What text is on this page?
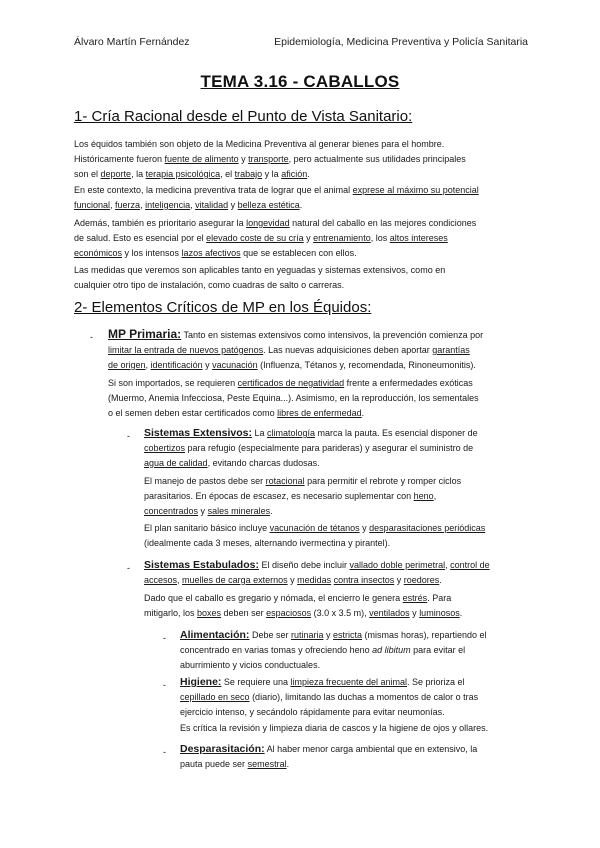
Álvaro Martín Fernández	Epidemiología, Medicina Preventiva y Policía Sanitaria
TEMA 3.16 - CABALLOS
1- Cría Racional desde el Punto de Vista Sanitario:
Los équidos también son objeto de la Medicina Preventiva al generar bienes para el hombre.
Históricamente fueron fuente de alimento y transporte, pero actualmente sus utilidades principales
son el deporte, la terapia psicológica, el trabajo y la afición.
En este contexto, la medicina preventiva trata de lograr que el animal exprese al máximo su potencial
funcional, fuerza, inteligencia, vitalidad y belleza estética.
Además, también es prioritario asegurar la longevidad natural del caballo en las mejores condiciones
de salud. Esto es esencial por el elevado coste de su cría y entrenamiento, los altos intereses
económicos y los intensos lazos afectivos que se establecen con ellos.
Las medidas que veremos son aplicables tanto en yeguadas y sistemas extensivos, como en
cualquier otro tipo de instalación, como cuadras de salto o carreras.
2- Elementos Críticos de MP en los Équidos:
- MP Primaria: Tanto en sistemas extensivos como intensivos, la prevención comienza por
limitar la entrada de nuevos patógenos. Las nuevas adquisiciones deben aportar garantías
de origen, identificación y vacunación (Influenza, Tétanos y, recomendada, Rinoneumonitis).
Si son importados, se requieren certificados de negatividad frente a enfermedades exóticas
(Muermo, Anemia Infecciosa, Peste Equina...). Asimismo, en la reproducción, los sementales
o el semen deben estar certificados como libres de enfermedad.
- Sistemas Extensivos: La climatología marca la pauta. Es esencial disponer de
cobertizos para refugio (especialmente para parideras) y asegurar el suministro de
agua de calidad, evitando charcas dudosas.
El manejo de pastos debe ser rotacional para permitir el rebrote y romper ciclos
parasitarios. En épocas de escasez, es necesario suplementar con heno,
concentrados y sales minerales.
El plan sanitario básico incluye vacunación de tétanos y desparasitaciones periódicas
(idealmente cada 3 meses, alternando ivermectina y pirantel).
- Sistemas Estabulados: El diseño debe incluir vallado doble perimetral, control de
accesos, muelles de carga externos y medidas contra insectos y roedores.
Dado que el caballo es gregario y nómada, el encierro le genera estrés. Para
mitigarlo, los boxes deben ser espaciosos (3.0 x 3.5 m), ventilados y luminosos.
- Alimentación: Debe ser rutinaria y estricta (mismas horas), repartiendo el
concentrado en varias tomas y ofreciendo heno ad libitum para evitar el
aburrimiento y vicios conductuales.
- Higiene: Se requiere una limpieza frecuente del animal. Se prioriza el
cepillado en seco (diario), limitando las duchas a momentos de calor o tras
ejercicio intenso, y secándolo rápidamente para evitar neumonías.
Es crítica la revisión y limpieza diaria de cascos y la higiene de ojos y ollares.
- Desparasitación: Al haber menor carga ambiental que en extensivo, la
pauta puede ser semestral.
